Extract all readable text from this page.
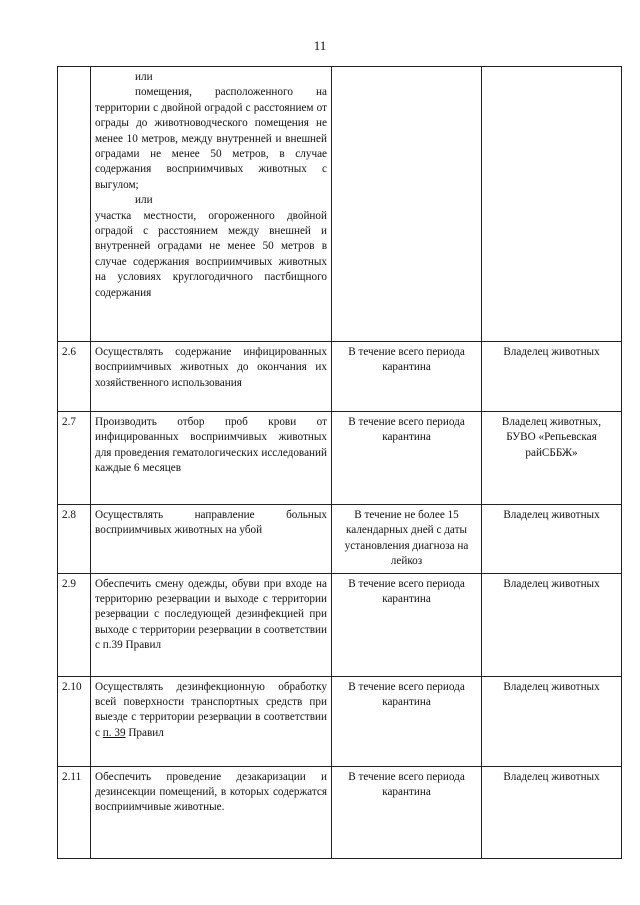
11

	или
помещения, расположенного на территории с двойной оградой с расстоянием от ограды до животноводческого помещения не менее 10 метров, между внутренней и внешней оградами не менее 50 метров, в случае содержания восприимчивых животных с выгулом;
или
участка местности, огороженного двойной оградой с расстоянием между внешней и внутренней оградами не менее 50 метров в случае содержания восприимчивых животных на условиях круглогодичного пастбищного содержания		

2.6	Осуществлять содержание инфицированных восприимчивых животных до окончания их хозяйственного использования	В течение всего периода карантина	Владелец животных
2.7	Производить отбор проб крови от инфицированных восприимчивых животных для проведения гематологических исследований каждые 6 месяцев	В течение всего периода карантина	Владелец животных, БУВО «Репьевская райСББЖ»
2.8	Осуществлять направление больных восприимчивых животных на убой	В течение не более 15 календарных дней с даты установления диагноза на лейкоз	Владелец животных
2.9	Обеспечить смену одежды, обуви при входе на территорию резервации и выходе с территории резервации с последующей дезинфекцией при выходе с территории резервации в соответствии с п.39 Правил	В течение всего периода карантина	Владелец животных
2.10	Осуществлять дезинфекционную обработку всей поверхности транспортных средств при выезде с территории резервации в соответствии с п. 39 Правил	В течение всего периода карантина	Владелец животных
2.11	Обеспечить проведение дезакаризации и дезинсекции помещений, в которых содержатся восприимчивые животные.	В течение всего периода карантина	Владелец животных
